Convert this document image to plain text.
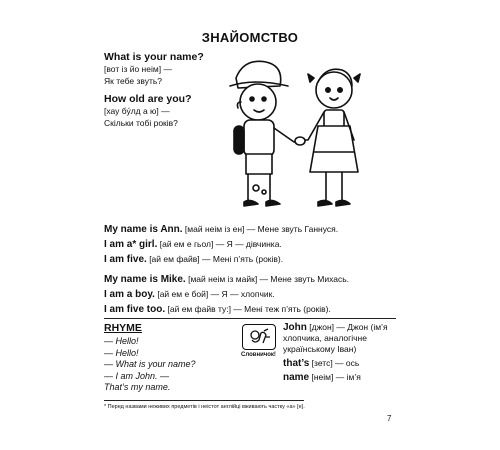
ЗНАЙОМСТВО
What is your name?
[вот із йо неім] —
Як тебе звуть?
How old are you?
[хау бу́лд а ю] —
Скільки тобі років?
My name is Ann. [май неім із ен] — Мене звуть Ганнуся.
I am a* girl. [ай ем е гьол] — Я — дівчинка.
I am five. [ай ем файв] — Мені п’ять (років).
My name is Mike. [май неім із майк] — Мене звуть Михась.
I am a boy. [ай ем е бой] — Я — хлопчик.
I am five too. [ай ем файв ту:] — Мені теж п’ять (років).
RHYME
— Hello!
— Hello!
— What is your name?
— I am John. —
That’s my name.
Словничок!
John [джон] — Джон (ім’я хлопчика, аналогічне українському Іван)
that’s [зетс] — ось
name [неім] — ім’я
* Перед назвами неживих предметів і неістот англійці вживають частку «a» [е].
7
